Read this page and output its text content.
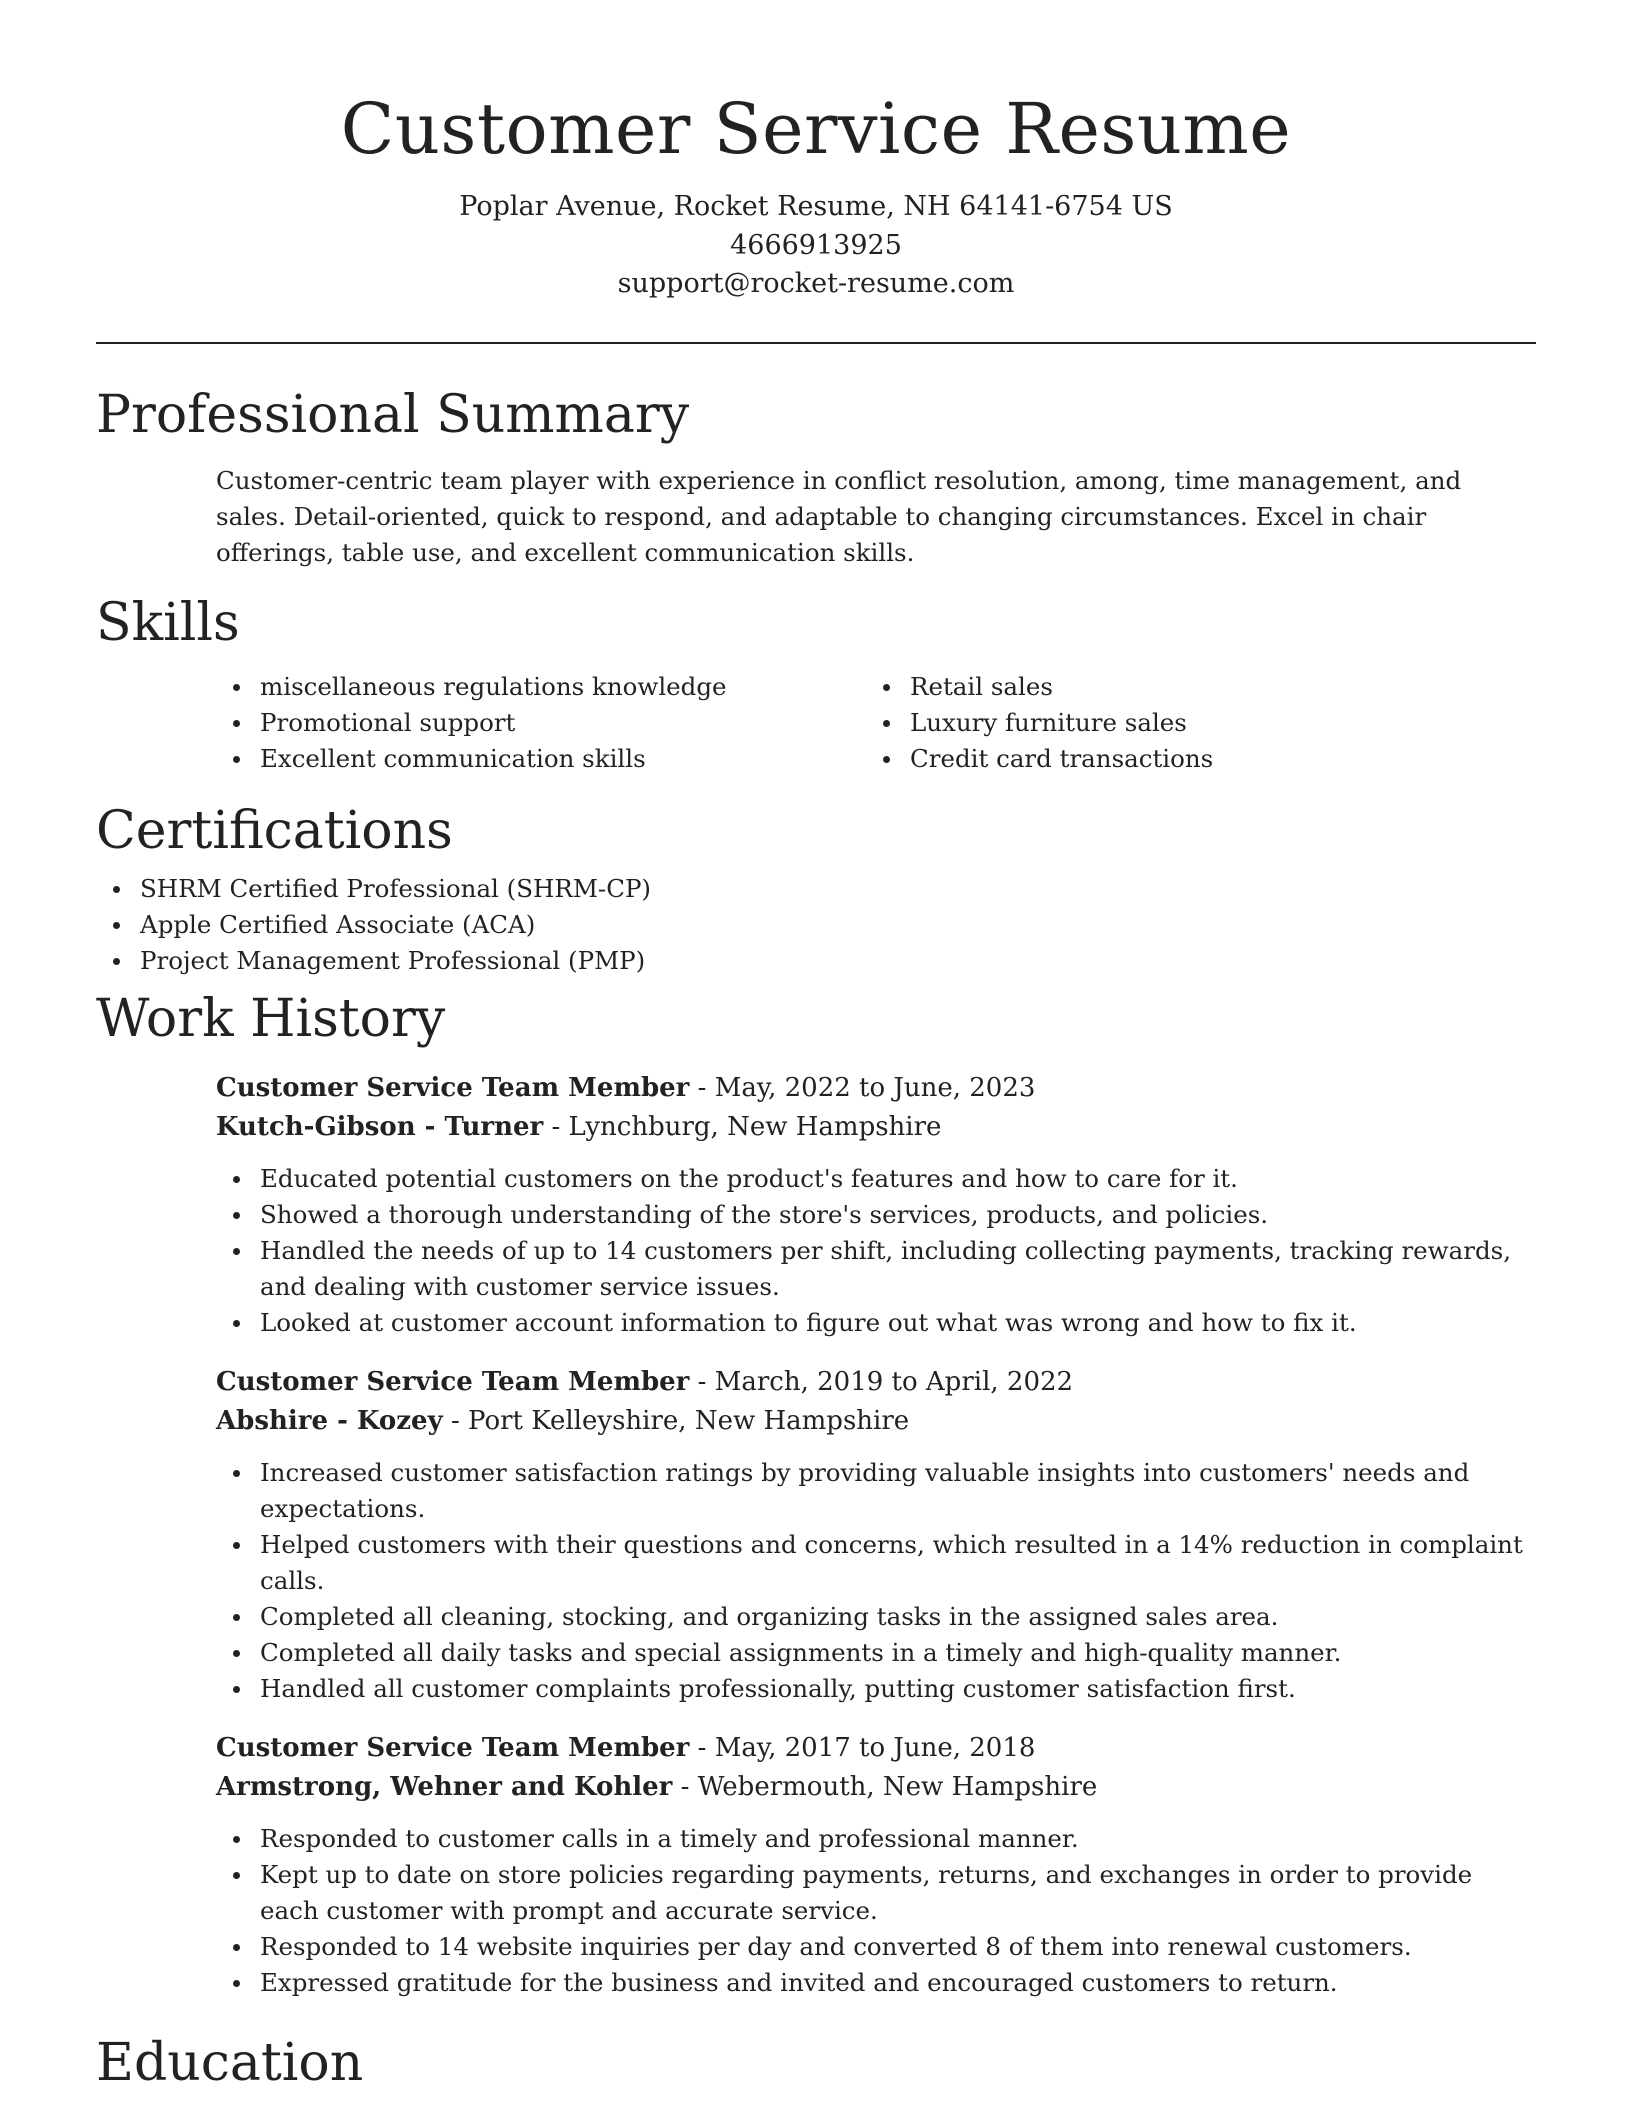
Customer Service Resume
Poplar Avenue, Rocket Resume, NH 64141-6754 US
4666913925
support@rocket-resume.com
Professional Summary

Customer-centric team player with experience in conflict resolution, among, time management, and sales. Detail-oriented, quick to respond, and adaptable to changing circumstances. Excel in chair offerings, table use, and excellent communication skills.

Skills
miscellaneous regulations knowledge
Promotional support
Excellent communication skills
Retail sales
Luxury furniture sales
Credit card transactions
Certifications
SHRM Certified Professional (SHRM-CP)
Apple Certified Associate (ACA)
Project Management Professional (PMP)
Work History
Customer Service Team Member - May, 2022 to June, 2023
Kutch-Gibson - Turner - Lynchburg, New Hampshire
Educated potential customers on the product's features and how to care for it.
Showed a thorough understanding of the store's services, products, and policies.
Handled the needs of up to 14 customers per shift, including collecting payments, tracking rewards, and dealing with customer service issues.
Looked at customer account information to figure out what was wrong and how to fix it.
Customer Service Team Member - March, 2019 to April, 2022
Abshire - Kozey - Port Kelleyshire, New Hampshire
Increased customer satisfaction ratings by providing valuable insights into customers' needs and expectations.
Helped customers with their questions and concerns, which resulted in a 14% reduction in complaint calls.
Completed all cleaning, stocking, and organizing tasks in the assigned sales area.
Completed all daily tasks and special assignments in a timely and high-quality manner.
Handled all customer complaints professionally, putting customer satisfaction first.
Customer Service Team Member - May, 2017 to June, 2018
Armstrong, Wehner and Kohler - Webermouth, New Hampshire
Responded to customer calls in a timely and professional manner.
Kept up to date on store policies regarding payments, returns, and exchanges in order to provide each customer with prompt and accurate service.
Responded to 14 website inquiries per day and converted 8 of them into renewal customers.
Expressed gratitude for the business and invited and encouraged customers to return.
Education
